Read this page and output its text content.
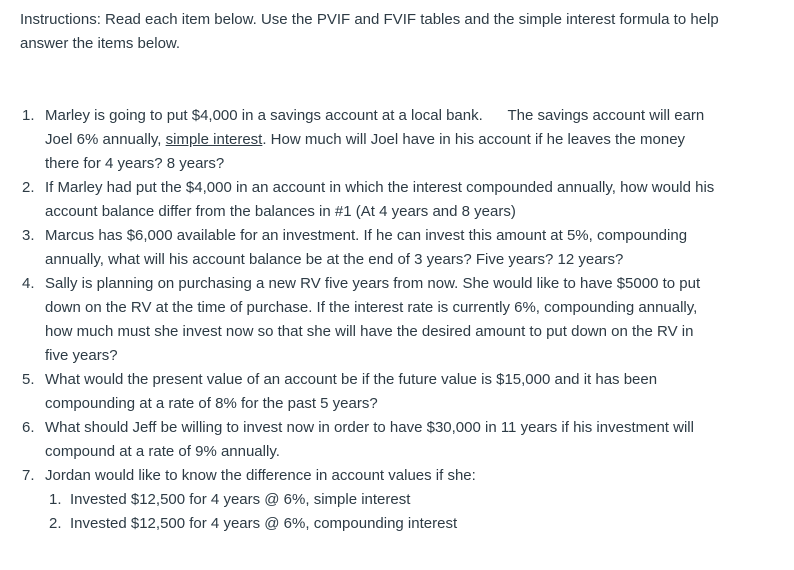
Instructions: Read each item below. Use the PVIF and FVIF tables and the simple interest formula to help answer the items below.

1. Marley is going to put $4,000 in a savings account at a local bank.      The savings account will earn Joel 6% annually, simple interest. How much will Joel have in his account if he leaves the money there for 4 years? 8 years?
2. If Marley had put the $4,000 in an account in which the interest compounded annually, how would his account balance differ from the balances in #1 (At 4 years and 8 years)
3. Marcus has $6,000 available for an investment. If he can invest this amount at 5%, compounding annually, what will his account balance be at the end of 3 years? Five years? 12 years?
4. Sally is planning on purchasing a new RV five years from now. She would like to have $5000 to put down on the RV at the time of purchase. If the interest rate is currently 6%, compounding annually, how much must she invest now so that she will have the desired amount to put down on the RV in five years?
5. What would the present value of an account be if the future value is $15,000 and it has been compounding at a rate of 8% for the past 5 years?
6. What should Jeff be willing to invest now in order to have $30,000 in 11 years if his investment will compound at a rate of 9% annually.
7. Jordan would like to know the difference in account values if she:
1. Invested $12,500 for 4 years @ 6%, simple interest
2. Invested $12,500 for 4 years @ 6%, compounding interest
